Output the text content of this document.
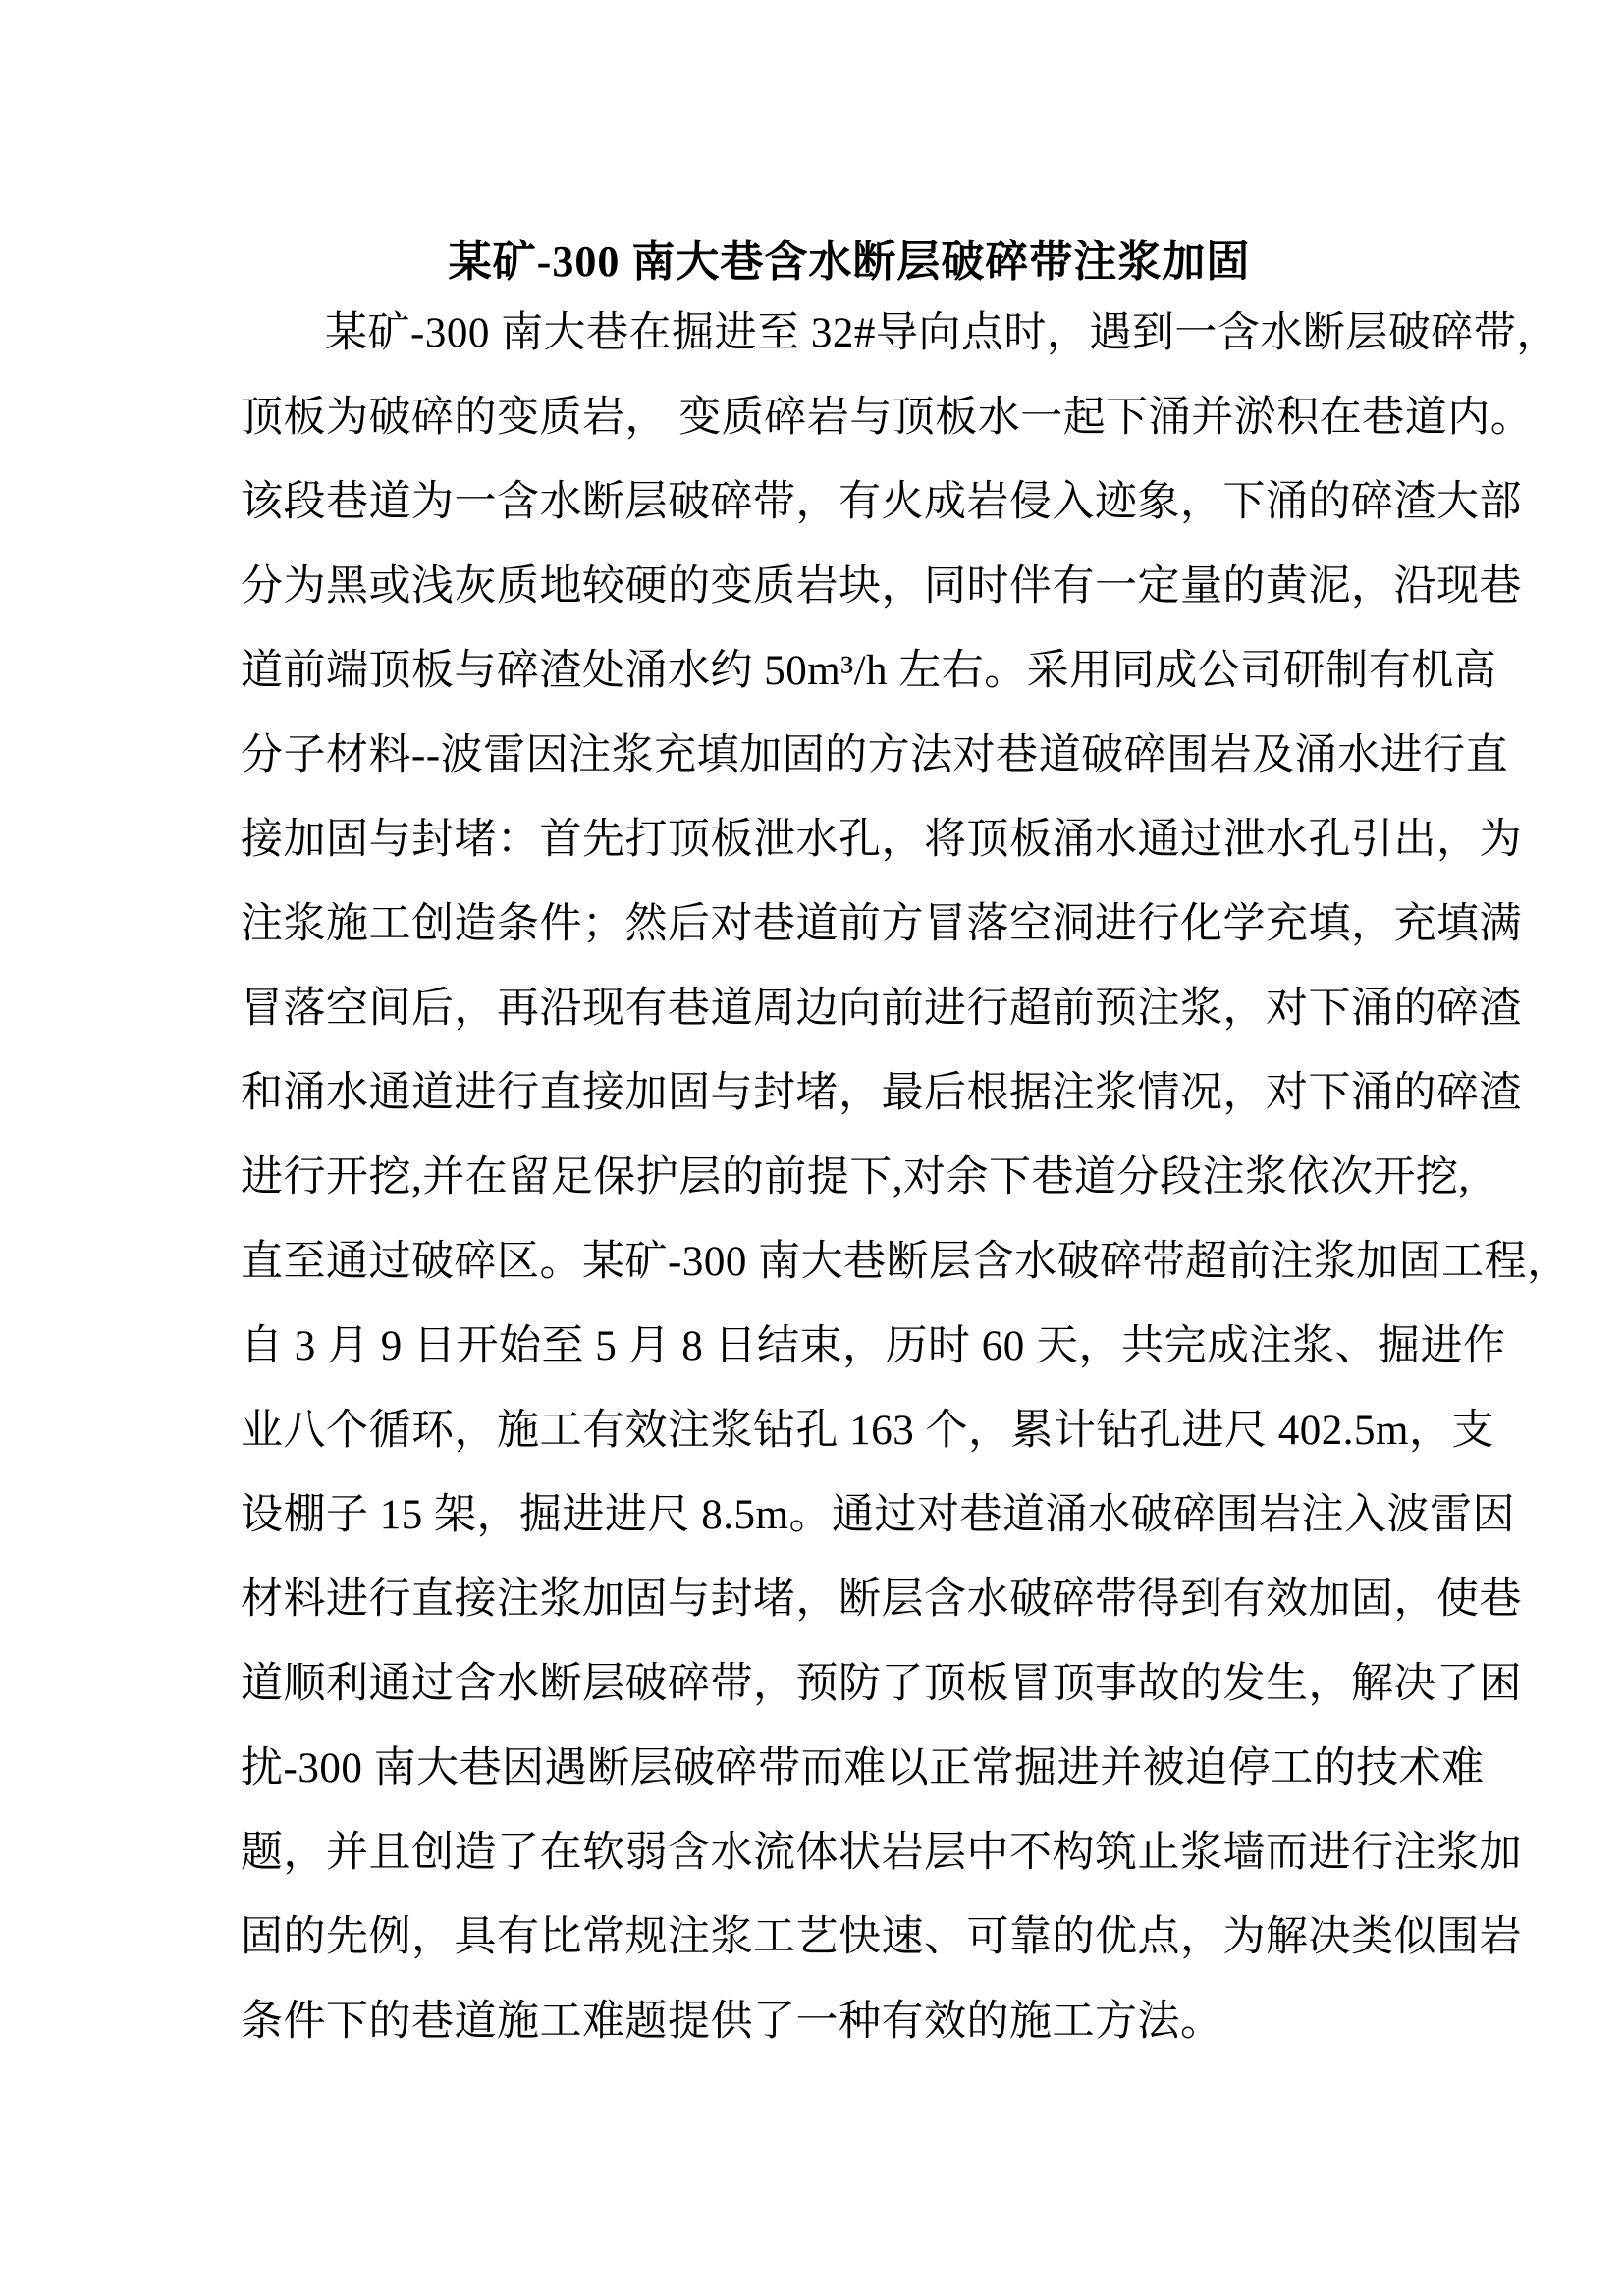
某矿-300 南大巷含水断层破碎带注浆加固
某矿-300 南大巷在掘进至 32#导向点时，遇到一含水断层破碎带，
顶板为破碎的变质岩， 变质碎岩与顶板水一起下涌并淤积在巷道内。
该段巷道为一含水断层破碎带，有火成岩侵入迹象，下涌的碎渣大部
分为黑或浅灰质地较硬的变质岩块，同时伴有一定量的黄泥，沿现巷
道前端顶板与碎渣处涌水约 50m³/h 左右。采用同成公司研制有机高
分子材料--波雷因注浆充填加固的方法对巷道破碎围岩及涌水进行直
接加固与封堵：首先打顶板泄水孔，将顶板涌水通过泄水孔引出，为
注浆施工创造条件；然后对巷道前方冒落空洞进行化学充填，充填满
冒落空间后，再沿现有巷道周边向前进行超前预注浆，对下涌的碎渣
和涌水通道进行直接加固与封堵，最后根据注浆情况，对下涌的碎渣
进行开挖,并在留足保护层的前提下,对余下巷道分段注浆依次开挖,
直至通过破碎区。某矿-300 南大巷断层含水破碎带超前注浆加固工程，
自 3 月 9 日开始至 5 月 8 日结束，历时 60 天，共完成注浆、掘进作
业八个循环，施工有效注浆钻孔 163 个，累计钻孔进尺 402.5m，支
设棚子 15 架，掘进进尺 8.5m。通过对巷道涌水破碎围岩注入波雷因
材料进行直接注浆加固与封堵，断层含水破碎带得到有效加固，使巷
道顺利通过含水断层破碎带，预防了顶板冒顶事故的发生，解决了困
扰-300 南大巷因遇断层破碎带而难以正常掘进并被迫停工的技术难
题，并且创造了在软弱含水流体状岩层中不构筑止浆墙而进行注浆加
固的先例，具有比常规注浆工艺快速、可靠的优点，为解决类似围岩
条件下的巷道施工难题提供了一种有效的施工方法。
